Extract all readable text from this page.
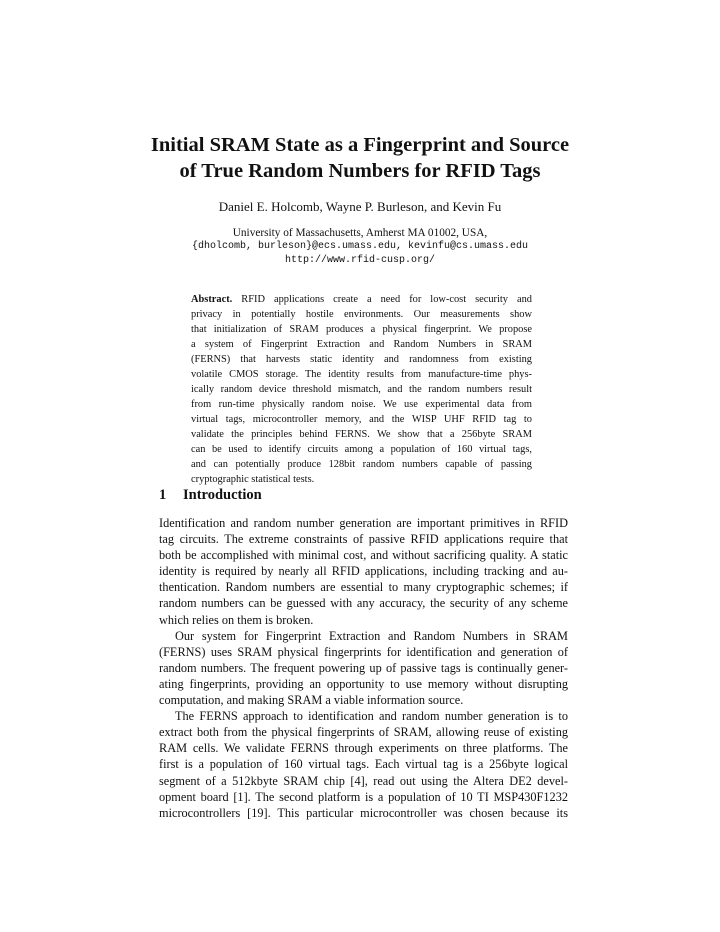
Initial SRAM State as a Fingerprint and Source
of True Random Numbers for RFID Tags
Daniel E. Holcomb, Wayne P. Burleson, and Kevin Fu
University of Massachusetts, Amherst MA 01002, USA,
{dholcomb, burleson}@ecs.umass.edu, kevinfu@cs.umass.edu
http://www.rfid-cusp.org/
Abstract. RFID applications create a need for low-cost security and
privacy in potentially hostile environments. Our measurements show
that initialization of SRAM produces a physical fingerprint. We propose
a system of Fingerprint Extraction and Random Numbers in SRAM
(FERNS) that harvests static identity and randomness from existing
volatile CMOS storage. The identity results from manufacture-time phys-
ically random device threshold mismatch, and the random numbers result
from run-time physically random noise. We use experimental data from
virtual tags, microcontroller memory, and the WISP UHF RFID tag to
validate the principles behind FERNS. We show that a 256byte SRAM
can be used to identify circuits among a population of 160 virtual tags,
and can potentially produce 128bit random numbers capable of passing
cryptographic statistical tests.
1 Introduction
Identification and random number generation are important primitives in RFID
tag circuits. The extreme constraints of passive RFID applications require that
both be accomplished with minimal cost, and without sacrificing quality. A static
identity is required by nearly all RFID applications, including tracking and au-
thentication. Random numbers are essential to many cryptographic schemes; if
random numbers can be guessed with any accuracy, the security of any scheme
which relies on them is broken.
Our system for Fingerprint Extraction and Random Numbers in SRAM
(FERNS) uses SRAM physical fingerprints for identification and generation of
random numbers. The frequent powering up of passive tags is continually gener-
ating fingerprints, providing an opportunity to use memory without disrupting
computation, and making SRAM a viable information source.
The FERNS approach to identification and random number generation is to
extract both from the physical fingerprints of SRAM, allowing reuse of existing
RAM cells. We validate FERNS through experiments on three platforms. The
first is a population of 160 virtual tags. Each virtual tag is a 256byte logical
segment of a 512kbyte SRAM chip [4], read out using the Altera DE2 devel-
opment board [1]. The second platform is a population of 10 TI MSP430F1232
microcontrollers [19]. This particular microcontroller was chosen because its
